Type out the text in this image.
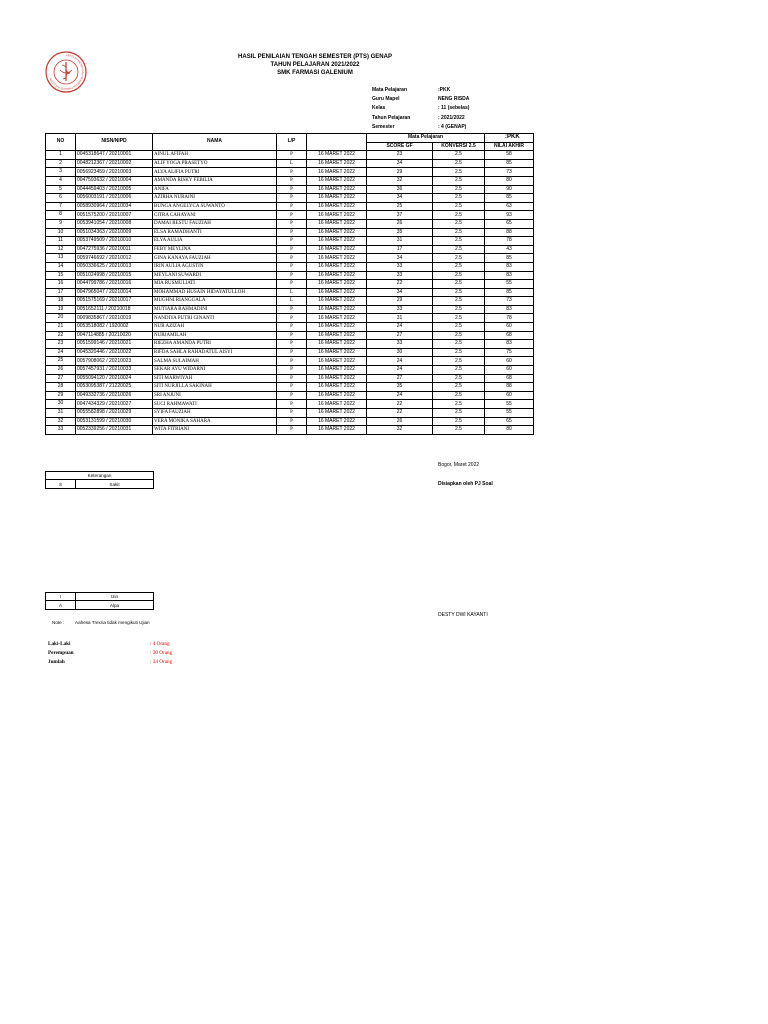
SEKOLAH MENENGAH KEJURUAN FARMASI GALENIUM
HASIL PENILAIAN TENGAH SEMESTER (PTS) GENAP
TAHUN PELAJARAN 2021/2022
SMK FARMASI GALENIUM
Mata Pelajaran	:PKK
Guru Mapel	NENG RISDA
Kelas	: 11 (sebelas)
Tahun Pelajaran	: 2021/2022
Semester	: 4 (GENAP)
NO	NISN/NIPD	NAMA	L/P		Mata Pelajaran		:PKK
					SCORE GF	KONVERSI 2.5	NILAI AKHIR
1	0045318647 / 20210001	AINUL AFIFAH	P	16 MARET 2022	23	2.5	58
2	0048212367 / 20210002	ALIF YOGA PRASETYO	L	16 MARET 2022	34	2.5	85
3	0056923459 / 20210003	ALYA ALIFIA PUTRI	P	16 MARET 2022	29	2.5	73
4	0047593632 / 20210004	AMANDA RISKY FEBILIA	P	16 MARET 2022	32	2.5	80
5	0044459403 / 20210005	ANIFA	P	16 MARET 2022	36	2.5	90
6	0056003191 / 20210006	AZIRHA NURAINI	P	16 MARET 2022	34	2.5	85
7	0058930964 / 20210034	BUNGA ANGELYCA SUWANTO	P	16 MARET 2022	25	2.5	63
8	0051575200 / 20210007	CITRA CAHAYANI	P	16 MARET 2022	37	2.5	93
9	0053941054 / 20210008	DAMAI RESTU FAUZIAH	P	16 MARET 2022	26	2.5	65
10	0051034363 / 20210009	ELSA RAMADHANTI	P	16 MARET 2022	35	2.5	88
11	0053749509 / 20210010	ELYA AULIA	P	16 MARET 2022	31	2.5	78
12	0047275936 / 20210011	FEBY MEYLINA	P	16 MARET 2022	17	2.5	43
13	0059746692 / 20210012	GINA KANAYA FAUZIAH	P	16 MARET 2022	34	2.5	85
14	0050336625 / 20210013	IRIN AULIA AGUSTIN	P	16 MARET 2022	33	2.5	83
15	0051024998 / 20210015	MEYLANI SUWARDI	P	16 MARET 2022	33	2.5	83
16	0044799786 / 20210016	MIA RUSMULIATI	P	16 MARET 2022	22	2.5	55
17	0047965047 / 20210014	MOHAMMAD HUSAIN HIDAYATULLOH	L	16 MARET 2022	34	2.5	85
18	0051575169 / 20210017	MUGHNI RIANGGALA	L	16 MARET 2022	29	2.5	73
19	0051652111 / 20210018	MUTIARA RAHMADINI	P	16 MARET 2022	33	2.5	83
20	0009835867 / 20210019	NANDIYA PUTRI GINANTI	P	16 MARET 2022	31	2.5	78
21	0053518082 / 1920002	NUR AZIZAH	P	16 MARET 2022	24	2.5	60
22	0047114885 / 20210020	NURJAMILAH	P	16 MARET 2022	27	2.5	68
23	0051599146 / 20210021	RIEZHA AMANDA PUTRI	P	16 MARET 2022	33	2.5	83
24	0045320446 / 20210022	RIFDA SAHLA RAHADATUL AISYI	P	16 MARET 2022	30	2.5	75
25	0057908062 / 20210023	SALMA SULAIMAH	P	16 MARET 2022	24	2.5	60
26	0057457931 / 20210033	SEKAR AYU WIDARNI	P	16 MARET 2022	24	2.5	60
27	0055094120 / 20210024	SITI MARWIYAH	P	16 MARET 2022	27	2.5	68
28	0053095387 / 21220025	SITI NURJILLA SAKINAH	P	16 MARET 2022	35	2.5	88
29	0049332736 / 20210026	SRI ANJUNI	P	16 MARET 2022	24	2.5	60
30	0047434329 / 20210027	SUCI RAHMAWATI	P	16 MARET 2022	22	2.5	55
31	0055582898 / 20210029	SYIFA FAUZIAH	P	16 MARET 2022	22	2.5	55
32	0053131599 / 20210030	VERA MONIKA SAHARA	P	16 MARET 2022	26	2.5	65
33	0052339256 / 20210031	WITA FITRIANI	P	16 MARET 2022	32	2.5	80
Bogor, Maret 2022
Disiapkan oleh PJ Soal
DESTY DWI KAYANTI
Keterangan
S	Sakit
I	Izin
A	Alpa
Note : Aahesa Trexna tidak mengikuti Ujian
Laki-Laki	: 4 Orang
Perempuan	: 30 Orang
Jumlah	: 34 Orang
